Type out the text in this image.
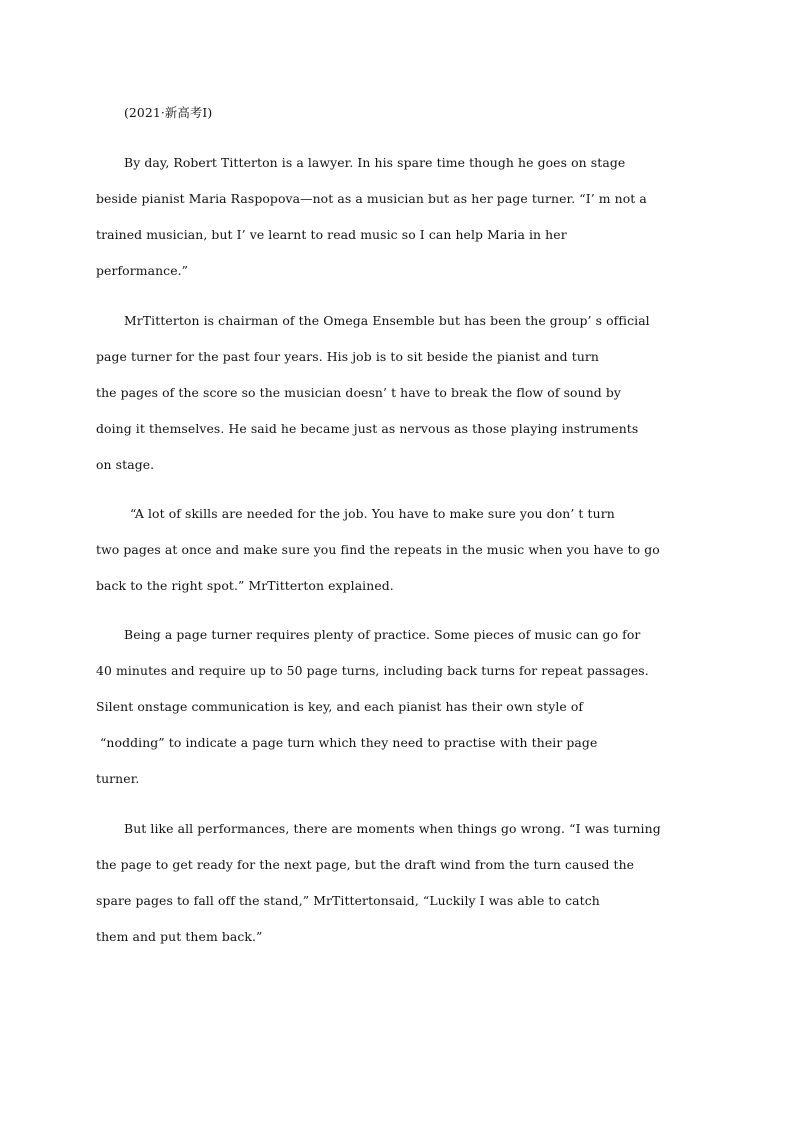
(2021·新高考Ⅰ)
By day, Robert Titterton is a lawyer. In his spare time though he goes on stage
beside pianist Maria Raspopova—not as a musician but as her page turner. “I’ m not a
trained musician, but I’ ve learnt to read music so I can help Maria in her
performance.”
MrTitterton is chairman of the Omega Ensemble but has been the group’ s official
page turner for the past four years. His job is to sit beside the pianist and turn
the pages of the score so the musician doesn’ t have to break the flow of sound by
doing it themselves. He said he became just as nervous as those playing instruments
on stage.
“A lot of skills are needed for the job. You have to make sure you don’ t turn
two pages at once and make sure you find the repeats in the music when you have to go
back to the right spot.” MrTitterton explained.
Being a page turner requires plenty of practice. Some pieces of music can go for
40 minutes and require up to 50 page turns, including back turns for repeat passages.
Silent onstage communication is key, and each pianist has their own style of
“nodding” to indicate a page turn which they need to practise with their page
turner.
But like all performances, there are moments when things go wrong. “I was turning
the page to get ready for the next page, but the draft wind from the turn caused the
spare pages to fall off the stand,” MrTittertonsaid, “Luckily I was able to catch
them and put them back.”
